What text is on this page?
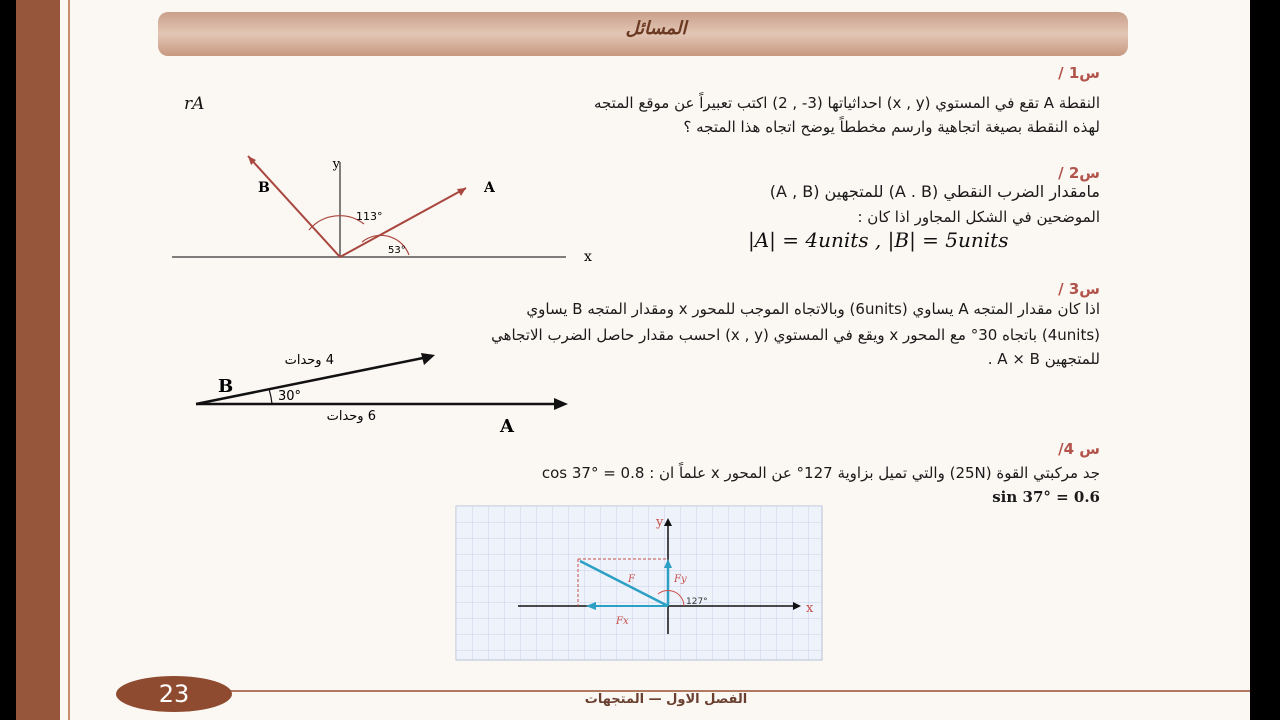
المسائل
س1 /
النقطة A تقع في المستوي (x , y) احداثياتها (3- , 2) اكتب تعبيراً عن موقع المتجه
rA
لهذه النقطة بصيغة اتجاهية وارسم مخططاً يوضح اتجاه هذا المتجه ؟
س2 /
مامقدار الضرب النقطي (A . B) للمتجهين (A , B)
الموضحين في الشكل المجاور اذا كان :
|A| = 4units , |B| = 5units
y
x
A
B
113°
53°
س3 /
اذا كان مقدار المتجه A يساوي (6units) وبالاتجاه الموجب للمحور x ومقدار المتجه B يساوي
(4units) باتجاه 30° مع المحور x ويقع في المستوي (x , y) احسب مقدار حاصل الضرب الاتجاهي
للمتجهين A × B .
B
4 وحدات
30°
6 وحدات	A
س 4/
جد مركبتي القوة (25N) والتي تميل بزاوية 127° عن المحور x علماً ان : cos 37° = 0.8
sin 37° = 0.6
y
x
F	Fy
Fx
127°
23	الفصل الاول — المتجهات
